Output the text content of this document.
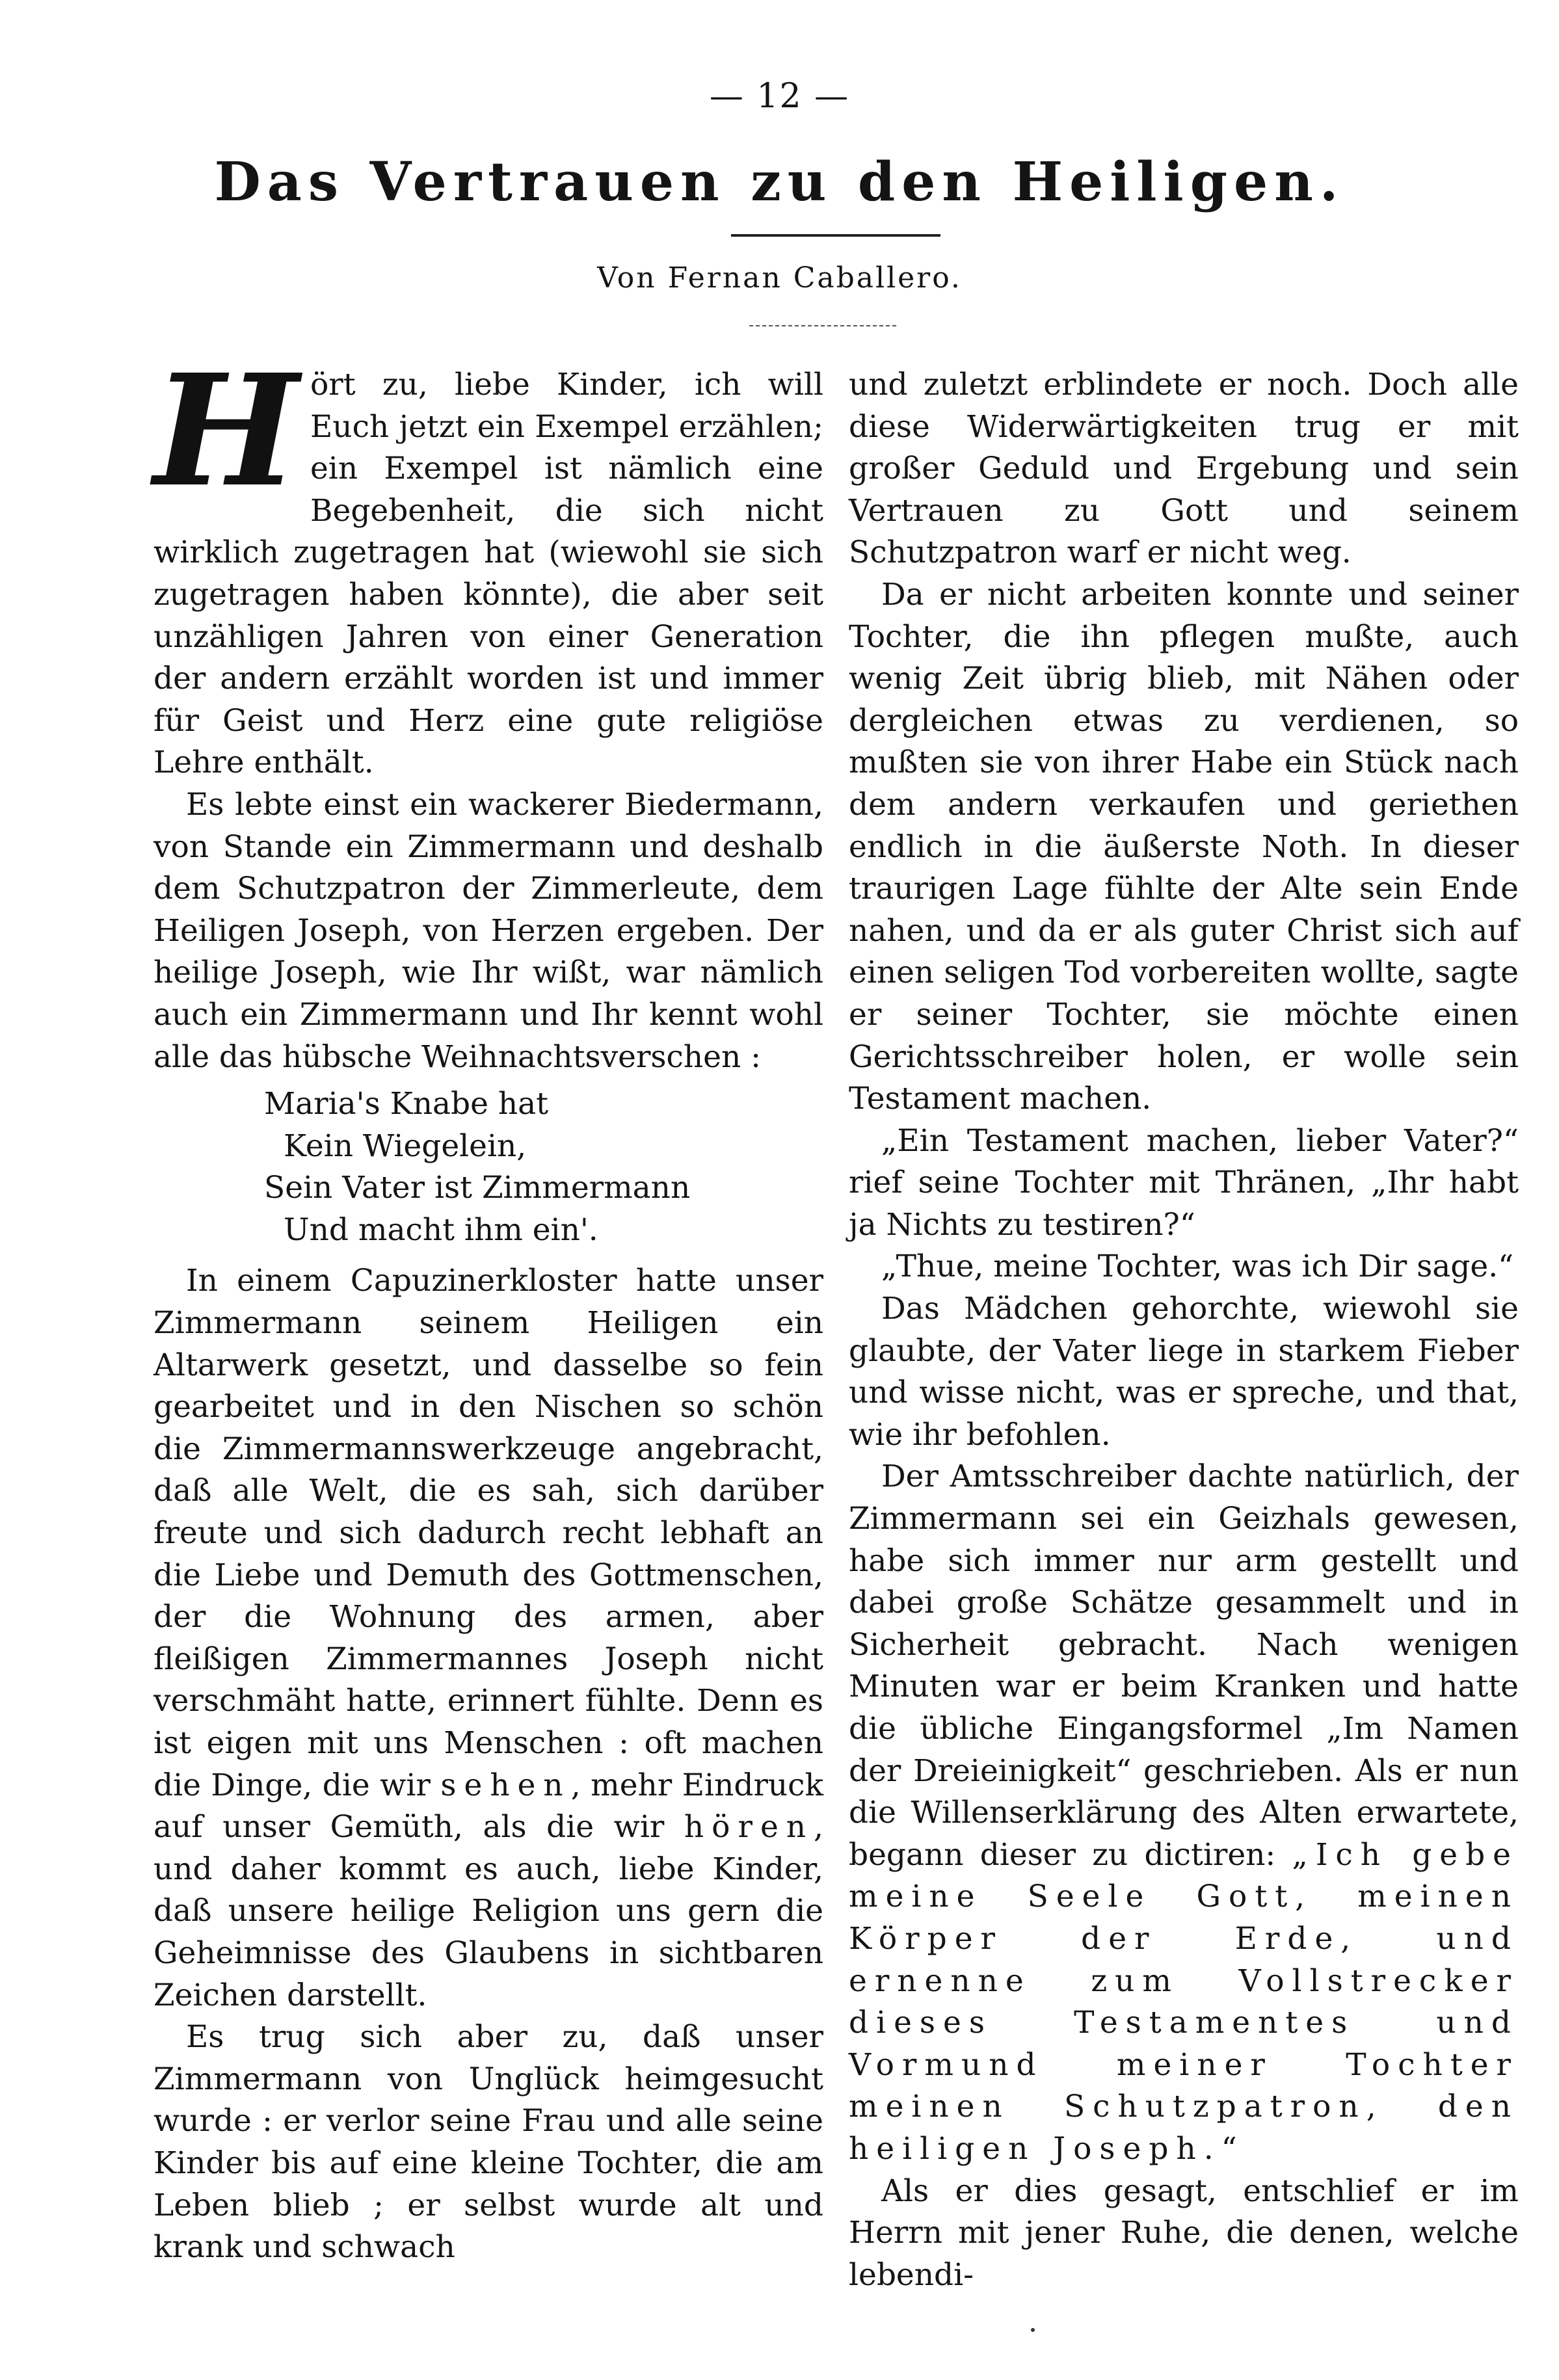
— 12 —
Das Vertrauen zu den Heiligen.
Von Fernan Caballero.

Hört zu, liebe Kinder, ich will Euch jetzt ein Exempel erzählen; ein Exempel ist nämlich eine Begebenheit, die sich nicht wirklich zugetragen hat (wiewohl sie sich zugetragen haben könnte), die aber seit unzähligen Jahren von einer Generation der andern erzählt worden ist und immer für Geist und Herz eine gute religiöse Lehre enthält.

Es lebte einst ein wackerer Biedermann, von Stande ein Zimmermann und deshalb dem Schutzpatron der Zimmerleute, dem Heiligen Joseph, von Herzen ergeben. Der heilige Joseph, wie Ihr wißt, war nämlich auch ein Zimmermann und Ihr kennt wohl alle das hübsche Weihnachtsverschen :

Maria's Knabe hat
Kein Wiegelein,
Sein Vater ist Zimmermann
Und macht ihm ein'.

In einem Capuzinerkloster hatte unser Zimmermann seinem Heiligen ein Altarwerk gesetzt, und dasselbe so fein gearbeitet und in den Nischen so schön die Zimmermannswerkzeuge angebracht, daß alle Welt, die es sah, sich darüber freute und sich dadurch recht lebhaft an die Liebe und Demuth des Gottmenschen, der die Wohnung des armen, aber fleißigen Zimmermannes Joseph nicht verschmäht hatte, erinnert fühlte. Denn es ist eigen mit uns Menschen : oft machen die Dinge, die wir sehen, mehr Eindruck auf unser Gemüth, als die wir hören, und daher kommt es auch, liebe Kinder, daß unsere heilige Religion uns gern die Geheimnisse des Glaubens in sichtbaren Zeichen darstellt.

Es trug sich aber zu, daß unser Zimmermann von Unglück heimgesucht wurde : er verlor seine Frau und alle seine Kinder bis auf eine kleine Tochter, die am Leben blieb ; er selbst wurde alt und krank und schwach

und zuletzt erblindete er noch. Doch alle diese Widerwärtigkeiten trug er mit großer Geduld und Ergebung und sein Vertrauen zu Gott und seinem Schutzpatron warf er nicht weg.

Da er nicht arbeiten konnte und seiner Tochter, die ihn pflegen mußte, auch wenig Zeit übrig blieb, mit Nähen oder dergleichen etwas zu verdienen, so mußten sie von ihrer Habe ein Stück nach dem andern verkaufen und geriethen endlich in die äußerste Noth. In dieser traurigen Lage fühlte der Alte sein Ende nahen, und da er als guter Christ sich auf einen seligen Tod vorbereiten wollte, sagte er seiner Tochter, sie möchte einen Gerichtsschreiber holen, er wolle sein Testament machen.

„Ein Testament machen, lieber Vater?“ rief seine Tochter mit Thränen, „Ihr habt ja Nichts zu testiren?“

„Thue, meine Tochter, was ich Dir sage.“

Das Mädchen gehorchte, wiewohl sie glaubte, der Vater liege in starkem Fieber und wisse nicht, was er spreche, und that, wie ihr befohlen.

Der Amtsschreiber dachte natürlich, der Zimmermann sei ein Geizhals gewesen, habe sich immer nur arm gestellt und dabei große Schätze gesammelt und in Sicherheit gebracht. Nach wenigen Minuten war er beim Kranken und hatte die übliche Eingangsformel „Im Namen der Dreieinigkeit“ geschrieben. Als er nun die Willenserklärung des Alten erwartete, begann dieser zu dictiren: „Ich gebe meine Seele Gott, meinen Körper der Erde, und ernenne zum Vollstrecker dieses Testamentes und Vormund meiner Tochter meinen Schutzpatron, den heiligen Joseph.“

Als er dies gesagt, entschlief er im Herrn mit jener Ruhe, die denen, welche lebendi-
